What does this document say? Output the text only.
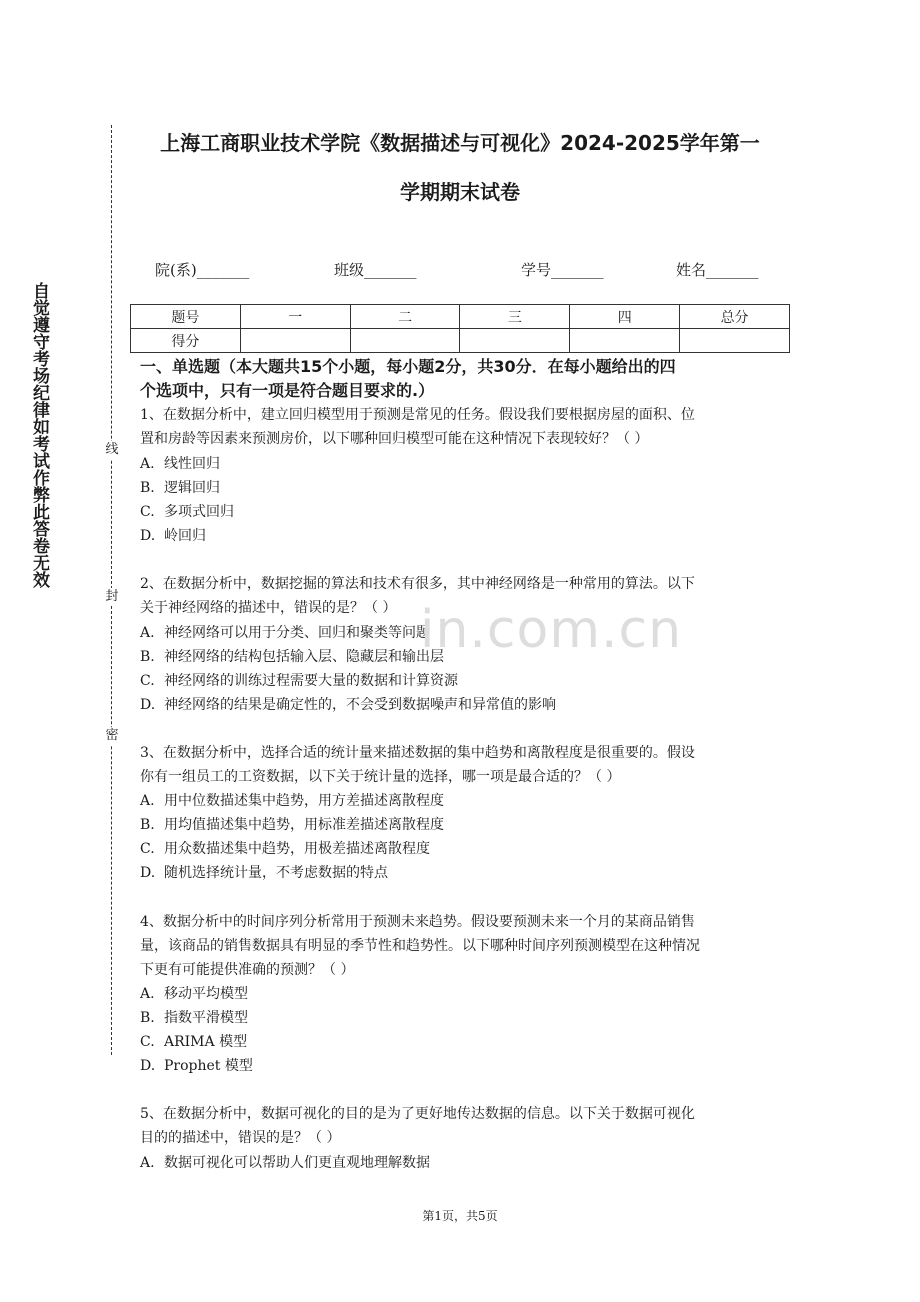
自觉遵守考场纪律如考试作弊此答卷无效	线
封
密
上海工商职业技术学院《数据描述与可视化》2024-2025学年第一
学期期末试卷
院(系)_______	班级_______	学号_______	姓名_______
题号	一	二	三	四	总分
得分					
一、单选题（本大题共15个小题，每小题2分，共30分．在每小题给出的四
个选项中，只有一项是符合题目要求的.）
1、在数据分析中，建立回归模型用于预测是常见的任务。假设我们要根据房屋的面积、位
置和房龄等因素来预测房价，以下哪种回归模型可能在这种情况下表现较好？（ ）
A. 线性回归
B. 逻辑回归
C. 多项式回归
D. 岭回归
2、在数据分析中，数据挖掘的算法和技术有很多，其中神经网络是一种常用的算法。以下
关于神经网络的描述中，错误的是？（ ）
A. 神经网络可以用于分类、回归和聚类等问题
B. 神经网络的结构包括输入层、隐藏层和输出层
C. 神经网络的训练过程需要大量的数据和计算资源
D. 神经网络的结果是确定性的，不会受到数据噪声和异常值的影响
3、在数据分析中，选择合适的统计量来描述数据的集中趋势和离散程度是很重要的。假设
你有一组员工的工资数据，以下关于统计量的选择，哪一项是最合适的？（ ）
A. 用中位数描述集中趋势，用方差描述离散程度
B. 用均值描述集中趋势，用标准差描述离散程度
C. 用众数描述集中趋势，用极差描述离散程度
D. 随机选择统计量，不考虑数据的特点
4、数据分析中的时间序列分析常用于预测未来趋势。假设要预测未来一个月的某商品销售
量，该商品的销售数据具有明显的季节性和趋势性。以下哪种时间序列预测模型在这种情况
下更有可能提供准确的预测？（ ）
A. 移动平均模型
B. 指数平滑模型
C. ARIMA 模型
D. Prophet 模型
5、在数据分析中，数据可视化的目的是为了更好地传达数据的信息。以下关于数据可视化
目的的描述中，错误的是？（ ）
A. 数据可视化可以帮助人们更直观地理解数据
in.com.cn
第1页，共5页
